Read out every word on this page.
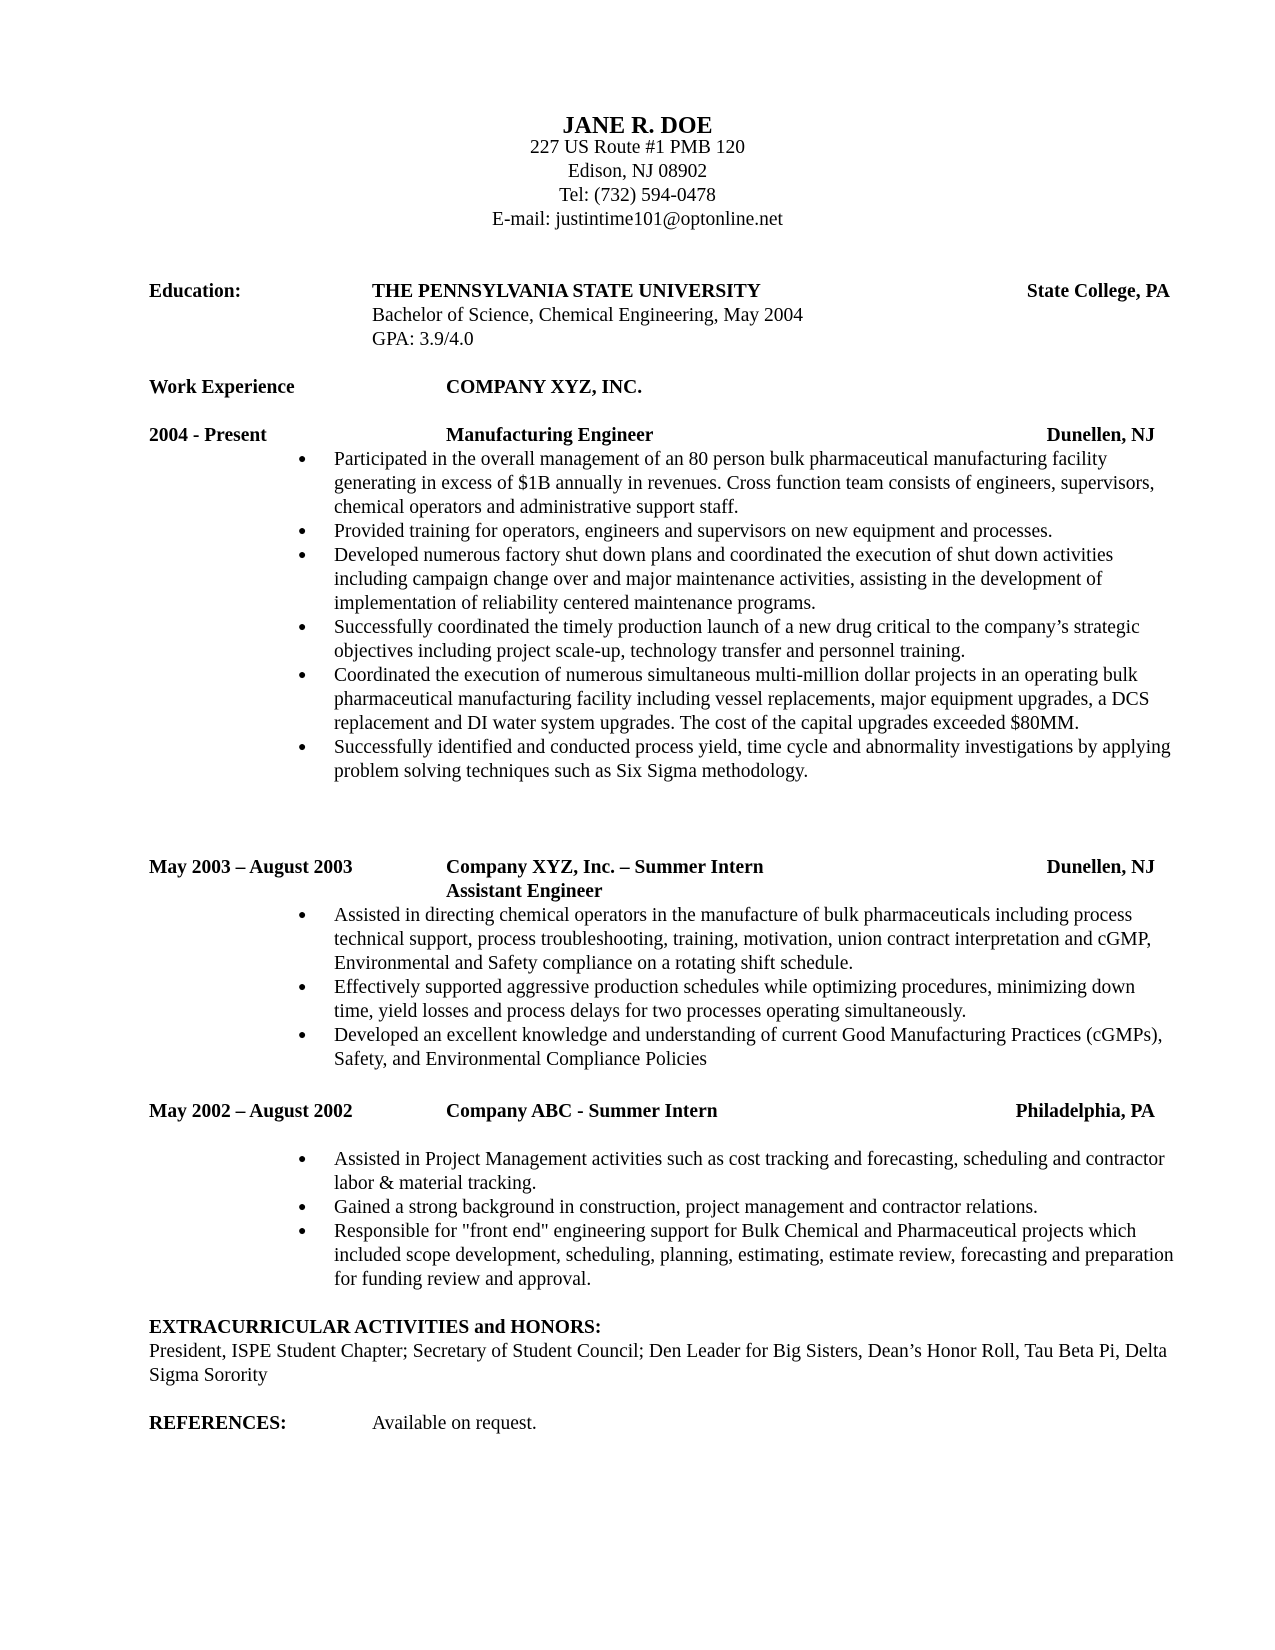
JANE R. DOE
227 US Route #1 PMB 120
Edison, NJ 08902
Tel: (732) 594-0478
E-mail: justintime101@optonline.net
Education:	THE PENNSYLVANIA STATE UNIVERSITY	State College, PA
Bachelor of Science, Chemical Engineering, May 2004
GPA: 3.9/4.0
Work Experience	COMPANY XYZ, INC.
2004 - Present	Manufacturing Engineer	Dunellen, NJ
● Participated in the overall management of an 80 person bulk pharmaceutical manufacturing facility generating in excess of $1B annually in revenues. Cross function team consists of engineers, supervisors, chemical operators and administrative support staff.
● Provided training for operators, engineers and supervisors on new equipment and processes.
● Developed numerous factory shut down plans and coordinated the execution of shut down activities including campaign change over and major maintenance activities, assisting in the development of implementation of reliability centered maintenance programs.
● Successfully coordinated the timely production launch of a new drug critical to the company’s strategic objectives including project scale-up, technology transfer and personnel training.
● Coordinated the execution of numerous simultaneous multi-million dollar projects in an operating bulk pharmaceutical manufacturing facility including vessel replacements, major equipment upgrades, a DCS replacement and DI water system upgrades. The cost of the capital upgrades exceeded $80MM.
● Successfully identified and conducted process yield, time cycle and abnormality investigations by applying problem solving techniques such as Six Sigma methodology.
May 2003 – August 2003	Company XYZ, Inc. – Summer Intern	Dunellen, NJ
Assistant Engineer
● Assisted in directing chemical operators in the manufacture of bulk pharmaceuticals including process technical support, process troubleshooting, training, motivation, union contract interpretation and cGMP, Environmental and Safety compliance on a rotating shift schedule.
● Effectively supported aggressive production schedules while optimizing procedures, minimizing down time, yield losses and process delays for two processes operating simultaneously.
● Developed an excellent knowledge and understanding of current Good Manufacturing Practices (cGMPs), Safety, and Environmental Compliance Policies
May 2002 – August 2002	Company ABC - Summer Intern	Philadelphia, PA
● Assisted in Project Management activities such as cost tracking and forecasting, scheduling and contractor labor & material tracking.
● Gained a strong background in construction, project management and contractor relations.
● Responsible for "front end" engineering support for Bulk Chemical and Pharmaceutical projects which included scope development, scheduling, planning, estimating, estimate review, forecasting and preparation for funding review and approval.
EXTRACURRICULAR ACTIVITIES and HONORS:
President, ISPE Student Chapter; Secretary of Student Council; Den Leader for Big Sisters, Dean’s Honor Roll, Tau Beta Pi, Delta Sigma Sorority
REFERENCES:	Available on request.
